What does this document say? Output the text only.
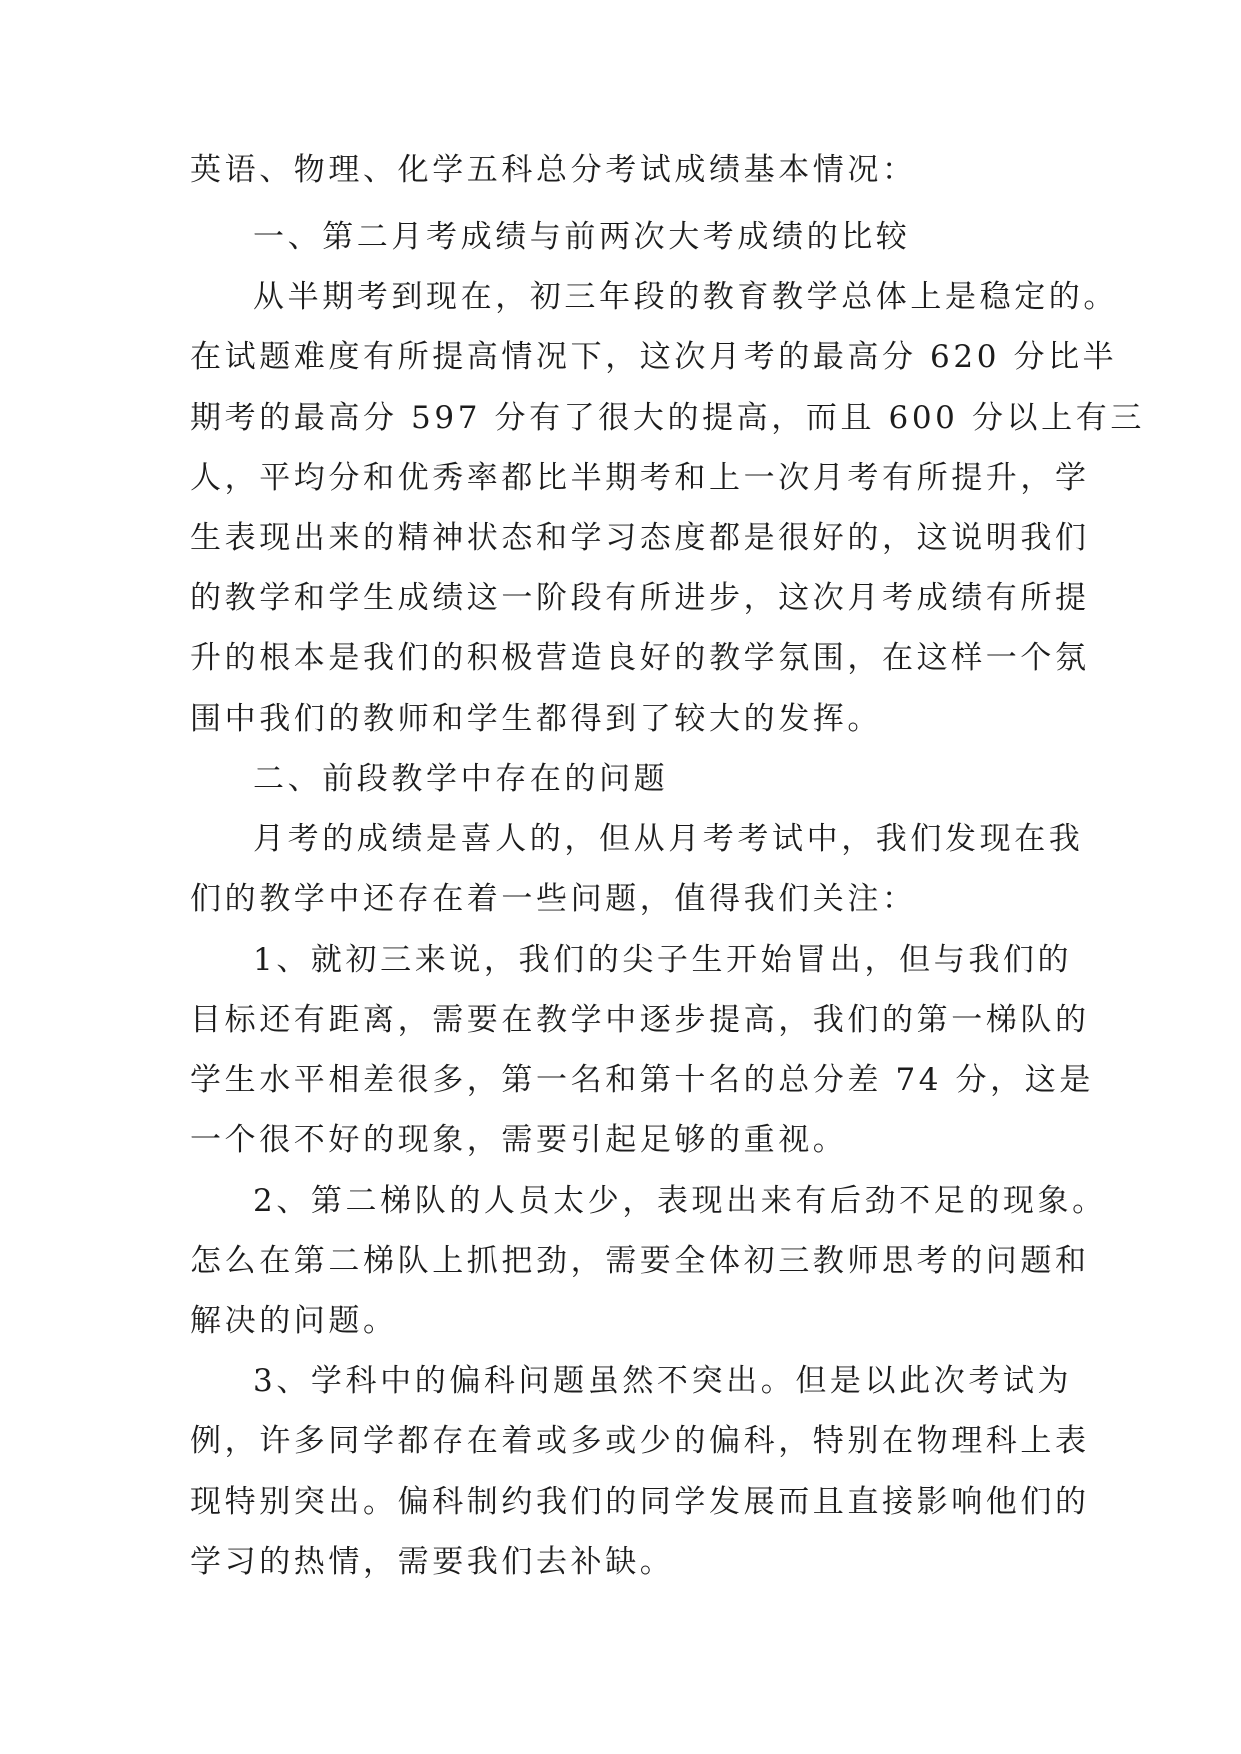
英语、物理、化学五科总分考试成绩基本情况：
一、第二月考成绩与前两次大考成绩的比较
从半期考到现在，初三年段的教育教学总体上是稳定的。
在试题难度有所提高情况下，这次月考的最高分 620 分比半
期考的最高分 597 分有了很大的提高，而且 600 分以上有三
人，平均分和优秀率都比半期考和上一次月考有所提升，学
生表现出来的精神状态和学习态度都是很好的，这说明我们
的教学和学生成绩这一阶段有所进步，这次月考成绩有所提
升的根本是我们的积极营造良好的教学氛围，在这样一个氛
围中我们的教师和学生都得到了较大的发挥。
二、前段教学中存在的问题
月考的成绩是喜人的，但从月考考试中，我们发现在我
们的教学中还存在着一些问题，值得我们关注：
1、就初三来说，我们的尖子生开始冒出，但与我们的
目标还有距离，需要在教学中逐步提高，我们的第一梯队的
学生水平相差很多，第一名和第十名的总分差 74 分，这是
一个很不好的现象，需要引起足够的重视。
2、第二梯队的人员太少，表现出来有后劲不足的现象。
怎么在第二梯队上抓把劲，需要全体初三教师思考的问题和
解决的问题。
3、学科中的偏科问题虽然不突出。但是以此次考试为
例，许多同学都存在着或多或少的偏科，特别在物理科上表
现特别突出。偏科制约我们的同学发展而且直接影响他们的
学习的热情，需要我们去补缺。
